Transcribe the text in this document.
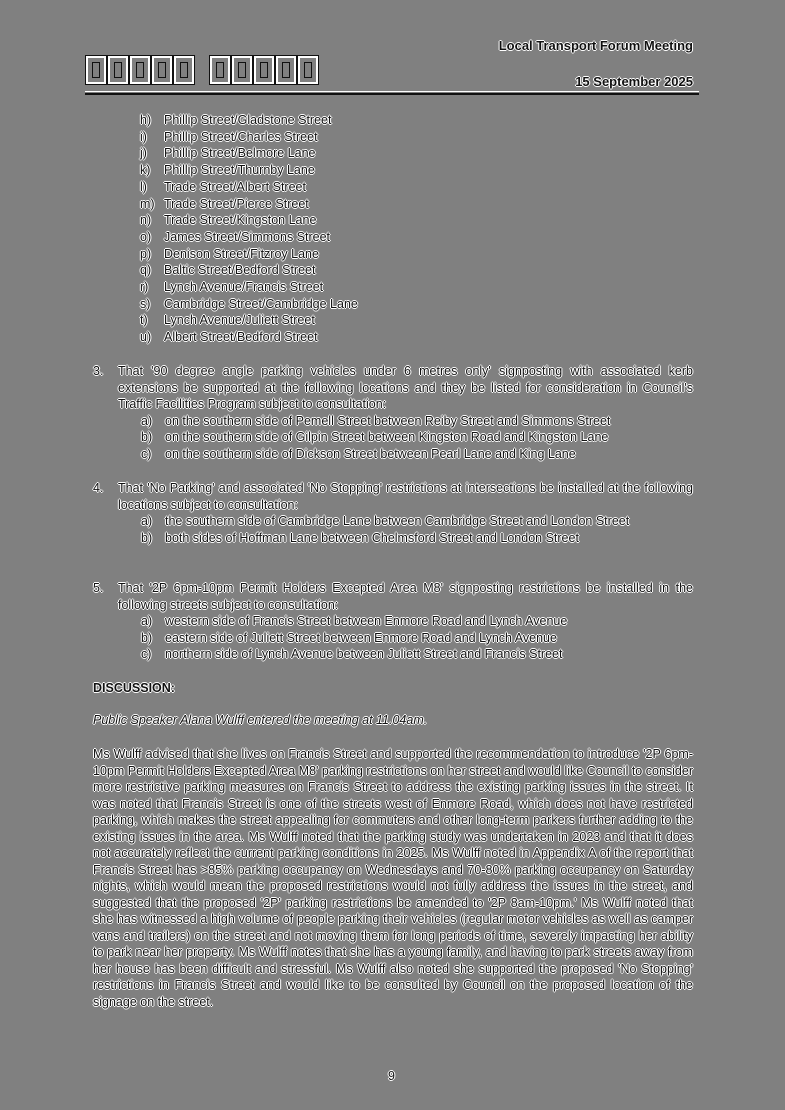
Local Transport Forum Meeting
15 September 2025
h)	Phillip Street/Gladstone Street
i)	Phillip Street/Charles Street
j)	Phillip Street/Belmore Lane
k)	Phillip Street/Thurnby Lane
l)	Trade Street/Albert Street
m) Trade Street/Pierce Street
n)	Trade Street/Kingston Lane
o)	James Street/Simmons Street
p)	Denison Street/Fitzroy Lane
q)	Baltic Street/Bedford Street
r)	Lynch Avenue/Francis Street
s)	Cambridge Street/Cambridge Lane
t)	Lynch Avenue/Juliett Street
u)	Albert Street/Bedford Street
3. That '90 degree angle parking vehicles under 6 metres only' signposting with associated kerb extensions be supported at the following locations and they be listed for consideration in Council's Traffic Facilities Program subject to consultation:
a)	on the southern side of Pemell Street between Reiby Street and Simmons Street
b)	on the southern side of Gilpin Street between Kingston Road and Kingston Lane
c)	on the southern side of Dickson Street between Pearl Lane and King Lane
4. That 'No Parking' and associated 'No Stopping' restrictions at intersections be installed at the following locations subject to consultation:
a)	the southern side of Cambridge Lane between Cambridge Street and London Street
b)	both sides of Hoffman Lane between Chelmsford Street and London Street
5. That '2P 6pm-10pm Permit Holders Excepted Area M8' signposting restrictions be installed in the following streets subject to consultation:
a)	western side of Francis Street between Enmore Road and Lynch Avenue
b)	eastern side of Juliett Street between Enmore Road and Lynch Avenue
c)	northern side of Lynch Avenue between Juliett Street and Francis Street
DISCUSSION:
Public Speaker Alana Wulff entered the meeting at 11.04am.
Ms Wulff advised that she lives on Francis Street and supported the recommendation to introduce '2P 6pm-10pm Permit Holders Excepted Area M8' parking restrictions on her street and would like Council to consider more restrictive parking measures on Francis Street to address the existing parking issues in the street. It was noted that Francis Street is one of the streets west of Enmore Road, which does not have restricted parking, which makes the street appealing for commuters and other long-term parkers further adding to the existing issues in the area. Ms Wulff noted that the parking study was undertaken in 2023 and that it does not accurately reflect the current parking conditions in 2025. Ms Wulff noted in Appendix A of the report that Francis Street has >85% parking occupancy on Wednesdays and 70-80% parking occupancy on Saturday nights, which would mean the proposed restrictions would not fully address the issues in the street, and suggested that the proposed '2P' parking restrictions be amended to '2P 8am-10pm.' Ms Wulff noted that she has witnessed a high volume of people parking their vehicles (regular motor vehicles as well as camper vans and trailers) on the street and not moving them for long periods of time, severely impacting her ability to park near her property. Ms Wulff notes that she has a young family, and having to park streets away from her house has been difficult and stressful. Ms Wulff also noted she supported the proposed 'No Stopping' restrictions in Francis Street and would like to be consulted by Council on the proposed location of the signage on the street.
9
